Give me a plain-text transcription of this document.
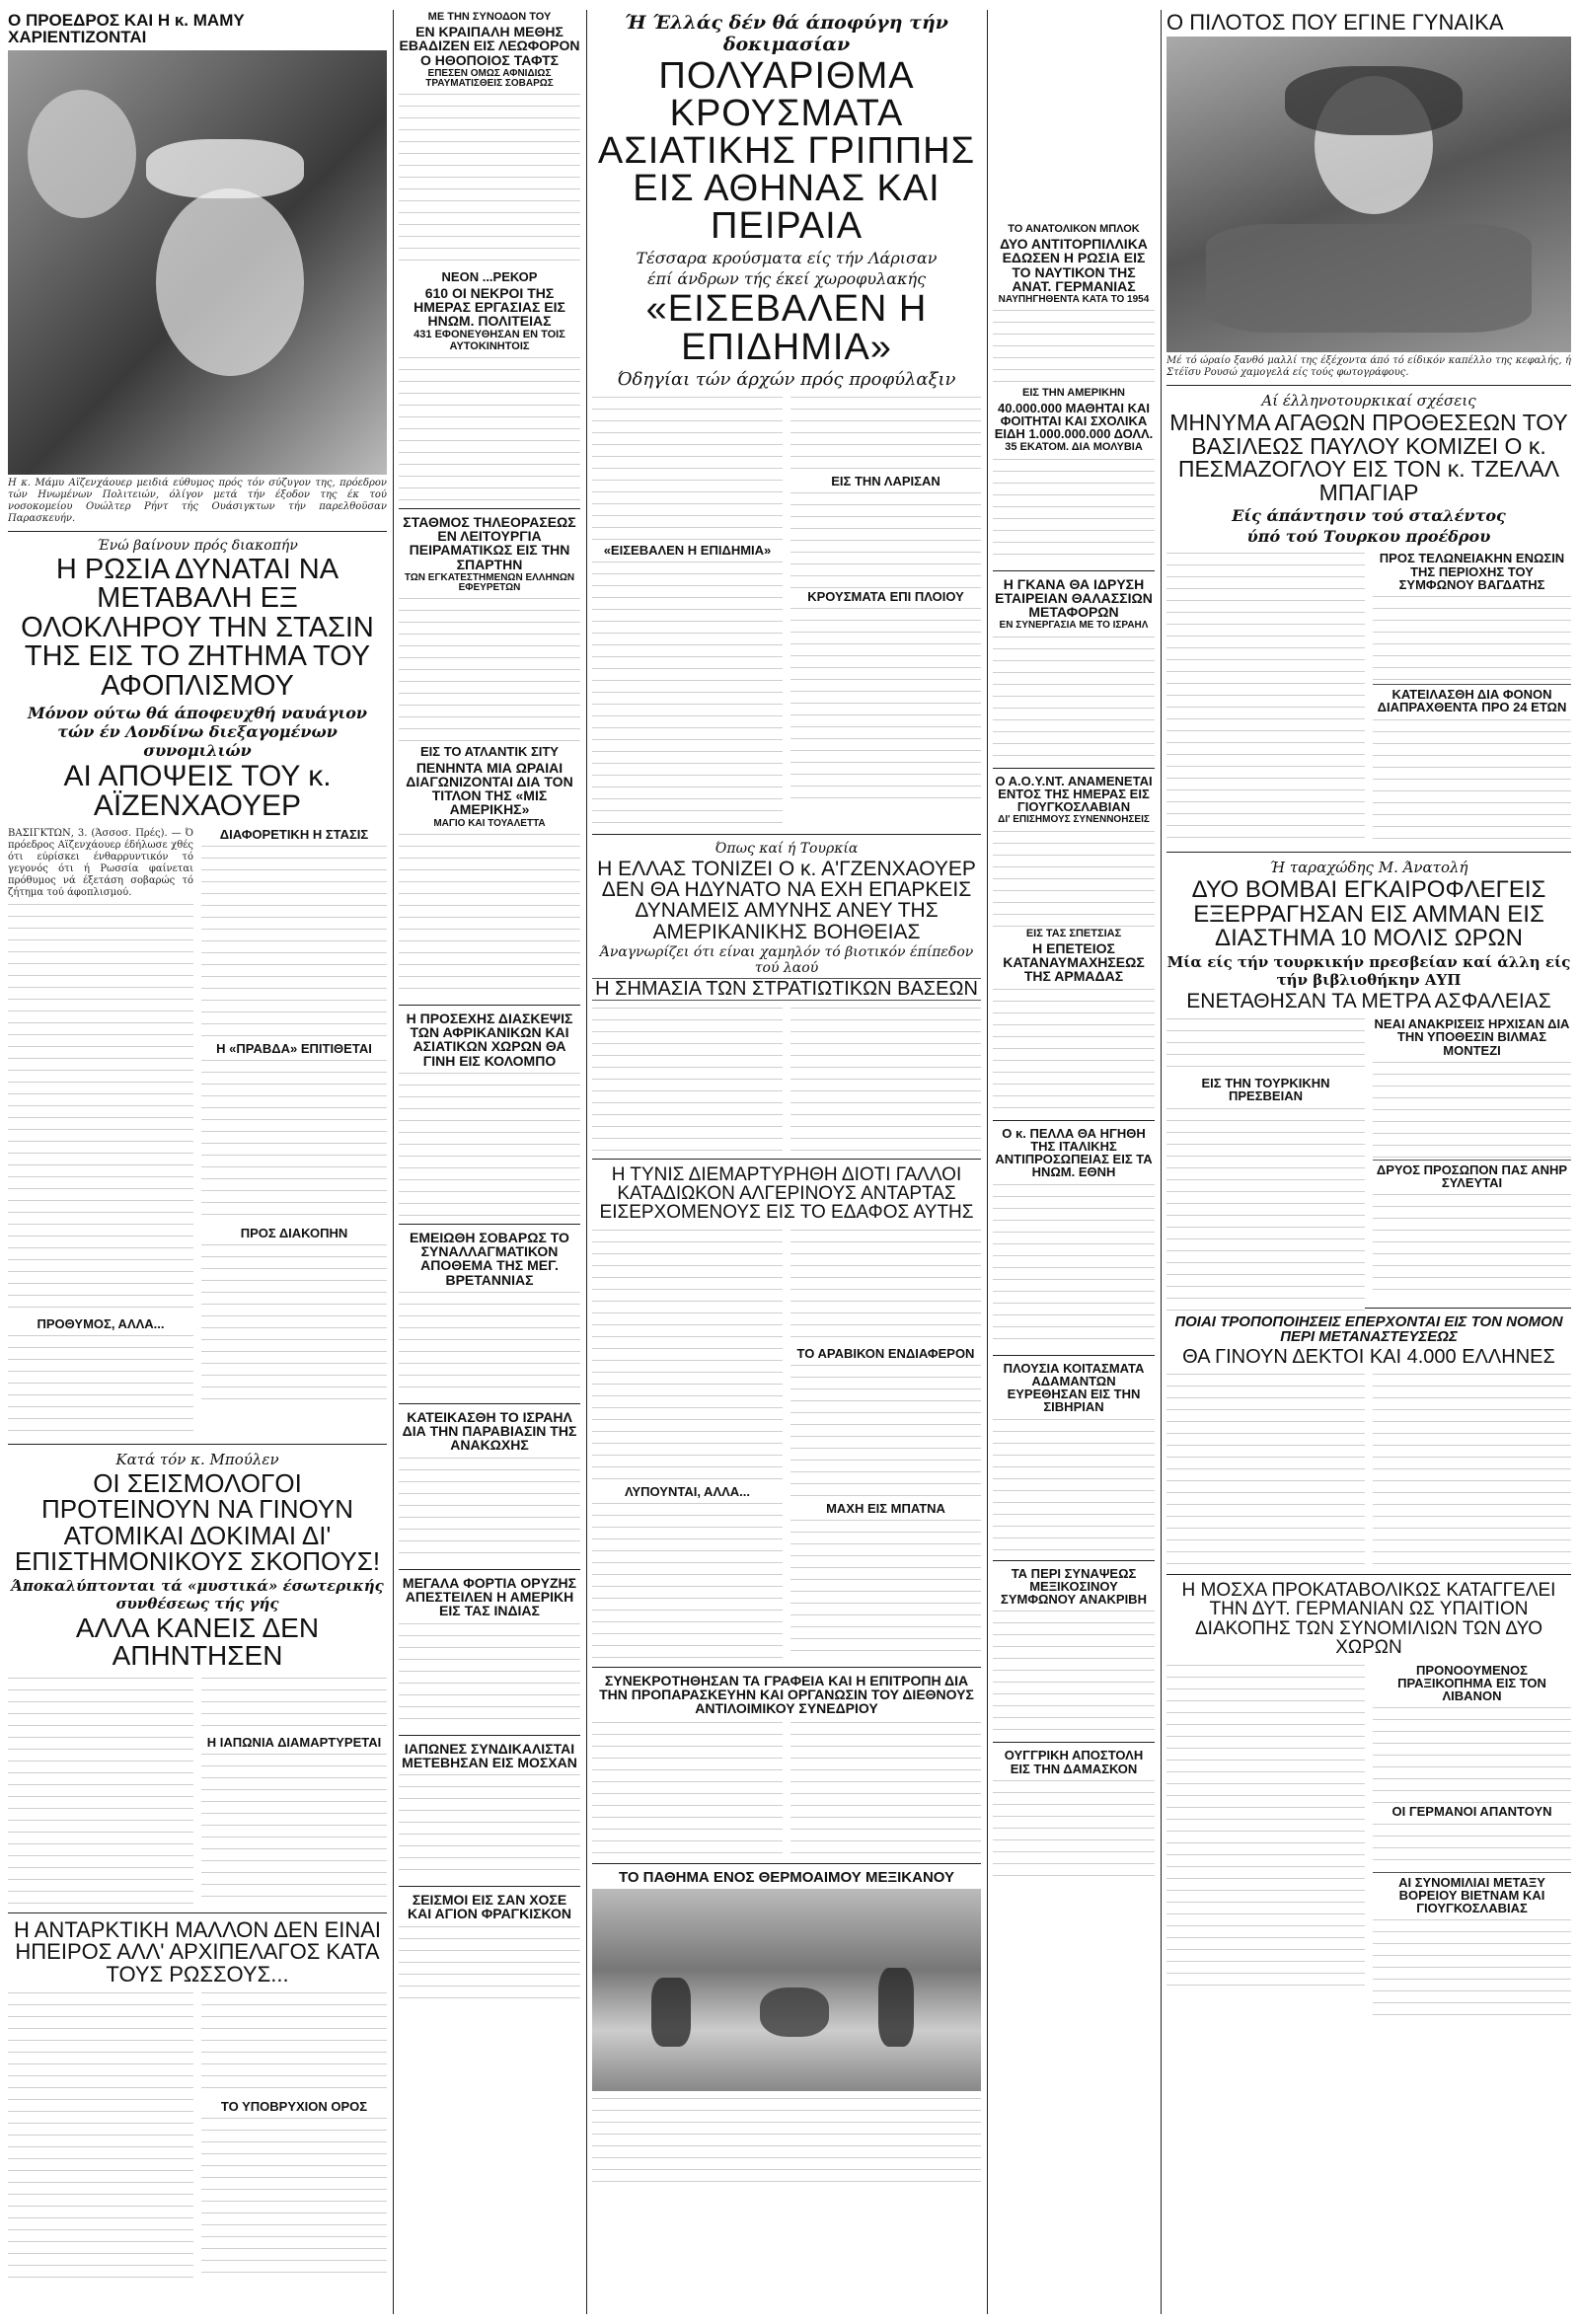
Ο ΠΡΟΕΔΡΟΣ ΚΑΙ Η κ. ΜΑΜΥ ΧΑΡΙΕΝΤΙΖΟΝΤΑΙ
Η κ. Μάμυ Αϊζενχάουερ μειδιά εύθυμος πρός τόν σύζυγον της, πρόεδρον τών Ηνωμένων Πολιτειών, όλίγον μετά τήν έξοδον της έκ τού νοσοκομείου Ουώλτερ Ρήντ τής Ουάσιγκτων τήν παρελθοϋσαν Παρασκευήν.
Ένώ βαίνουν πρός διακοπήν
Η ΡΩΣΙΑ ΔΥΝΑΤΑΙ ΝΑ ΜΕΤΑΒΑΛΗ ΕΞ ΟΛΟΚΛΗΡΟΥ ΤΗΝ ΣΤΑΣΙΝ ΤΗΣ ΕΙΣ ΤΟ ΖΗΤΗΜΑ ΤΟΥ ΑΦΟΠΛΙΣΜΟΥ
Μόνον ούτω θά άποφευχθή ναυάγιον τών έν Λονδίνω διεξαγομένων συνομιλιών
ΑΙ ΑΠΟΨΕΙΣ ΤΟΥ κ. ΑΪΖΕΝΧΑΟΥΕΡ
ΒΑΣΙΓΚΤΩΝ, 3. (Άσσοσ. Πρές). — Ό πρόεδρος Αϊζενχάουερ έδήλωσε χθές ότι εύρίσκει ένθαρρυντικόν τό γεγονός ότι ή Ρωσσία φαίνεται πρόθυμος νά έξετάση σοβαρώς τό ζήτημα τού άφοπλισμού.
ΠΡΟΘΥΜΟΣ, ΑΛΛΑ...
ΔΙΑΦΟΡΕΤΙΚΗ Η ΣΤΑΣΙΣ
Η «ΠΡΑΒΔΑ» ΕΠΙΤΙΘΕΤΑΙ
ΠΡΟΣ ΔΙΑΚΟΠΗΝ
Κατά τόν κ. Μπούλεν
ΟΙ ΣΕΙΣΜΟΛΟΓΟΙ ΠΡΟΤΕΙΝΟΥΝ ΝΑ ΓΙΝΟΥΝ ΑΤΟΜΙΚΑΙ ΔΟΚΙΜΑΙ ΔΙ' ΕΠΙΣΤΗΜΟΝΙΚΟΥΣ ΣΚΟΠΟΥΣ!
Άποκαλύπτονται τά «μυστικά» έσωτερικής συνθέσεως τής γής
ΑΛΛΑ ΚΑΝΕΙΣ ΔΕΝ ΑΠΗΝΤΗΣΕΝ
Η ΙΑΠΩΝΙΑ ΔΙΑΜΑΡΤΥΡΕΤΑΙ
Η ΑΝΤΑΡΚΤΙΚΗ ΜΑΛΛΟΝ ΔΕΝ ΕΙΝΑΙ ΗΠΕΙΡΟΣ ΑΛΛ' ΑΡΧΙΠΕΛΑΓΟΣ ΚΑΤΑ ΤΟΥΣ ΡΩΣΣΟΥΣ...
ΤΟ ΥΠΟΒΡΥΧΙΟΝ ΟΡΟΣ
ΜΕ ΤΗΝ ΣΥΝΟΔΟΝ ΤΟΥ
ΕΝ ΚΡΑΙΠΑΛΗ ΜΕΘΗΣ ΕΒΑΔΙΖΕΝ ΕΙΣ ΛΕΩΦΟΡΟΝ Ο ΗΘΟΠΟΙΟΣ ΤΑΦΤΣ
ΕΠΕΣΕΝ ΟΜΩΣ ΑΦΝΙΔΙΩΣ ΤΡΑΥΜΑΤΙΣΘΕΙΣ ΣΟΒΑΡΩΣ
ΝΕΟΝ ...ΡΕΚΟΡ
610 ΟΙ ΝΕΚΡΟΙ ΤΗΣ ΗΜΕΡΑΣ ΕΡΓΑΣΙΑΣ ΕΙΣ ΗΝΩΜ. ΠΟΛΙΤΕΙΑΣ
431 ΕΦΟΝΕΥΘΗΣΑΝ ΕΝ ΤΟΙΣ ΑΥΤΟΚΙΝΗΤΟΙΣ
ΣΤΑΘΜΟΣ ΤΗΛΕΟΡΑΣΕΩΣ ΕΝ ΛΕΙΤΟΥΡΓΙΑ ΠΕΙΡΑΜΑΤΙΚΩΣ ΕΙΣ ΤΗΝ ΣΠΑΡΤΗΝ
ΤΩΝ ΕΓΚΑΤΕΣΤΗΜΕΝΩΝ ΕΛΛΗΝΩΝ ΕΦΕΥΡΕΤΩΝ
ΕΙΣ ΤΟ ΑΤΛΑΝΤΙΚ ΣΙΤΥ
ΠΕΝΗΝΤΑ ΜΙΑ ΩΡΑΙΑΙ ΔΙΑΓΩΝΙΖΟΝΤΑΙ ΔΙΑ ΤΟΝ ΤΙΤΛΟΝ ΤΗΣ «ΜΙΣ ΑΜΕΡΙΚΗΣ»
ΜΑΓΙΟ ΚΑΙ ΤΟΥΑΛΕΤΤΑ
Η ΠΡΟΣΕΧΗΣ ΔΙΑΣΚΕΨΙΣ ΤΩΝ ΑΦΡΙΚΑΝΙΚΩΝ ΚΑΙ ΑΣΙΑΤΙΚΩΝ ΧΩΡΩΝ ΘΑ ΓΙΝΗ ΕΙΣ ΚΟΛΟΜΠΟ
ΕΜΕΙΩΘΗ ΣΟΒΑΡΩΣ ΤΟ ΣΥΝΑΛΛΑΓΜΑΤΙΚΟΝ ΑΠΟΘΕΜΑ ΤΗΣ ΜΕΓ. ΒΡΕΤΑΝΝΙΑΣ
ΚΑΤΕΙΚΑΣΘΗ ΤΟ ΙΣΡΑΗΛ ΔΙΑ ΤΗΝ ΠΑΡΑΒΙΑΣΙΝ ΤΗΣ ΑΝΑΚΩΧΗΣ
ΜΕΓΑΛΑ ΦΟΡΤΙΑ ΟΡΥΖΗΣ ΑΠΕΣΤΕΙΛΕΝ Η ΑΜΕΡΙΚΗ ΕΙΣ ΤΑΣ ΙΝΔΙΑΣ
ΙΑΠΩΝΕΣ ΣΥΝΔΙΚΑΛΙΣΤΑΙ ΜΕΤΕΒΗΣΑΝ ΕΙΣ ΜΟΣΧΑΝ
ΣΕΙΣΜΟΙ ΕΙΣ ΣΑΝ ΧΟΣΕ ΚΑΙ ΑΓΙΟΝ ΦΡΑΓΚΙΣΚΟΝ
Ή Έλλάς δέν θά άποφύγη τήν δοκιμασίαν
ΠΟΛΥΑΡΙΘΜΑ ΚΡΟΥΣΜΑΤΑ ΑΣΙΑΤΙΚΗΣ ΓΡΙΠΠΗΣ ΕΙΣ ΑΘΗΝΑΣ ΚΑΙ ΠΕΙΡΑΙΑ
Τέσσαρα κρούσματα είς τήν Λάρισαν
έπί άνδρων τής έκεί χωροφυλακής
«ΕΙΣΕΒΑΛΕΝ Η ΕΠΙΔΗΜΙΑ»
Όδηγίαι τών άρχών πρός προφύλαξιν
«ΕΙΣΕΒΑΛΕΝ Η ΕΠΙΔΗΜΙΑ»
ΕΙΣ ΤΗΝ ΛΑΡΙΣΑΝ
ΚΡΟΥΣΜΑΤΑ ΕΠΙ ΠΛΟΙΟΥ
Όπως καί ή Τουρκία
Η ΕΛΛΑΣ ΤΟΝΙΖΕΙ Ο κ. Α'ΓΖΕΝΧΑΟΥΕΡ ΔΕΝ ΘΑ ΗΔΥΝΑΤΟ ΝΑ ΕΧΗ ΕΠΑΡΚΕΙΣ ΔΥΝΑΜΕΙΣ ΑΜΥΝΗΣ ΑΝΕΥ ΤΗΣ ΑΜΕΡΙΚΑΝΙΚΗΣ ΒΟΗΘΕΙΑΣ
Άναγνωρίζει ότι είναι χαμηλόν τό βιοτικόν έπίπεδον τού λαού
Η ΣΗΜΑΣΙΑ ΤΩΝ ΣΤΡΑΤΙΩΤΙΚΩΝ ΒΑΣΕΩΝ
Η ΤΥΝΙΣ ΔΙΕΜΑΡΤΥΡΗΘΗ ΔΙΟΤΙ ΓΑΛΛΟΙ ΚΑΤΑΔΙΩΚΟΝ ΑΛΓΕΡΙΝΟΥΣ ΑΝΤΑΡΤΑΣ ΕΙΣΕΡΧΟΜΕΝΟΥΣ ΕΙΣ ΤΟ ΕΔΑΦΟΣ ΑΥΤΗΣ
ΛΥΠΟΥΝΤΑΙ, ΑΛΛΑ...
ΤΟ ΑΡΑΒΙΚΟΝ ΕΝΔΙΑΦΕΡΟΝ
ΜΑΧΗ ΕΙΣ ΜΠΑΤΝΑ
ΣΥΝΕΚΡΟΤΗΘΗΣΑΝ ΤΑ ΓΡΑΦΕΙΑ ΚΑΙ Η ΕΠΙΤΡΟΠΗ ΔΙΑ ΤΗΝ ΠΡΟΠΑΡΑΣΚΕΥΗΝ ΚΑΙ ΟΡΓΑΝΩΣΙΝ ΤΟΥ ΔΙΕΘΝΟΥΣ ΑΝΤΙΛΟΙΜΙΚΟΥ ΣΥΝΕΔΡΙΟΥ
ΤΟ ΠΑΘΗΜΑ ΕΝΟΣ ΘΕΡΜΟΑΙΜΟΥ ΜΕΞΙΚΑΝΟΥ
ΤΟ ΑΝΑΤΟΛΙΚΟΝ ΜΠΛΟΚ
ΔΥΟ ΑΝΤΙΤΟΡΠΙΛΛΙΚΑ ΕΔΩΣΕΝ Η ΡΩΣΙΑ ΕΙΣ ΤΟ ΝΑΥΤΙΚΟΝ ΤΗΣ ΑΝΑΤ. ΓΕΡΜΑΝΙΑΣ
ΝΑΥΠΗΓΗΘΕΝΤΑ ΚΑΤΑ ΤΟ 1954
ΕΙΣ ΤΗΝ ΑΜΕΡΙΚΗΝ
40.000.000 ΜΑΘΗΤΑΙ ΚΑΙ ΦΟΙΤΗΤΑΙ ΚΑΙ ΣΧΟΛΙΚΑ ΕΙΔΗ 1.000.000.000 ΔΟΛΛ.
35 ΕΚΑΤΟΜ. ΔΙΑ ΜΟΛΥΒΙΑ
Η ΓΚΑΝΑ ΘΑ ΙΔΡΥΣΗ ΕΤΑΙΡΕΙΑΝ ΘΑΛΑΣΣΙΩΝ ΜΕΤΑΦΟΡΩΝ
ΕΝ ΣΥΝΕΡΓΑΣΙΑ ΜΕ ΤΟ ΙΣΡΑΗΛ
Ο Α.Ο.Υ.ΝΤ. ΑΝΑΜΕΝΕΤΑΙ ΕΝΤΟΣ ΤΗΣ ΗΜΕΡΑΣ ΕΙΣ ΓΙΟΥΓΚΟΣΛΑΒΙΑΝ
ΔΙ' ΕΠΙΣΗΜΟΥΣ ΣΥΝΕΝΝΟΗΣΕΙΣ
ΕΙΣ ΤΑΣ ΣΠΕΤΣΙΑΣ
Η ΕΠΕΤΕΙΟΣ ΚΑΤΑΝΑΥΜΑΧΗΣΕΩΣ ΤΗΣ ΑΡΜΑΔΑΣ
Ο κ. ΠΕΛΛΑ ΘΑ ΗΓΗΘΗ ΤΗΣ ΙΤΑΛΙΚΗΣ ΑΝΤΙΠΡΟΣΩΠΕΙΑΣ ΕΙΣ ΤΑ ΗΝΩΜ. ΕΘΝΗ
ΠΛΟΥΣΙΑ ΚΟΙΤΑΣΜΑΤΑ ΑΔΑΜΑΝΤΩΝ ΕΥΡΕΘΗΣΑΝ ΕΙΣ ΤΗΝ ΣΙΒΗΡΙΑΝ
ΤΑ ΠΕΡΙ ΣΥΝΑΨΕΩΣ ΜΕΞΙΚΟΣΙΝΟΥ ΣΥΜΦΩΝΟΥ ΑΝΑΚΡΙΒΗ
ΟΥΓΓΡΙΚΗ ΑΠΟΣΤΟΛΗ ΕΙΣ ΤΗΝ ΔΑΜΑΣΚΟΝ
Ο ΠΙΛΟΤΟΣ ΠΟΥ ΕΓΙΝΕ ΓΥΝΑΙΚΑ
Μέ τό ώραίο ξανθό μαλλί της έξέχοντα άπό τό είδικόν καπέλλο της κεφαλής, ή Στέϊσυ Ρουσώ χαμογελά είς τούς φωτογράφους.
Αί έλληνοτουρκικαί σχέσεις
ΜΗΝΥΜΑ ΑΓΑΘΩΝ ΠΡΟΘΕΣΕΩΝ ΤΟΥ ΒΑΣΙΛΕΩΣ ΠΑΥΛΟΥ ΚΟΜΙΖΕΙ Ο κ. ΠΕΣΜΑΖΟΓΛΟΥ ΕΙΣ ΤΟΝ κ. ΤΖΕΛΑΛ ΜΠΑΓΙΑΡ
Είς άπάντησιν τού σταλέντος
ύπό τού Τουρκου προέδρου
ΠΡΟΣ ΤΕΛΩΝΕΙΑΚΗΝ ΕΝΩΣΙΝ ΤΗΣ ΠΕΡΙΟΧΗΣ ΤΟΥ ΣΥΜΦΩΝΟΥ ΒΑΓΔΑΤΗΣ
ΚΑΤΕΙΛΑΣΘΗ ΔΙΑ ΦΟΝΟΝ ΔΙΑΠΡΑΧΘΕΝΤΑ ΠΡΟ 24 ΕΤΩΝ
Ή ταραχώδης Μ. Άνατολή
ΔΥΟ ΒΟΜΒΑΙ ΕΓΚΑΙΡΟΦΛΕΓΕΙΣ ΕΞΕΡΡΑΓΗΣΑΝ ΕΙΣ ΑΜΜΑΝ ΕΙΣ ΔΙΑΣΤΗΜΑ 10 ΜΟΛΙΣ ΩΡΩΝ
Μία είς τήν τουρκικήν πρεσβείαν καί άλλη είς τήν βιβλιοθήκην ΑΥΠ
ΕΝΕΤΑΘΗΣΑΝ ΤΑ ΜΕΤΡΑ ΑΣΦΑΛΕΙΑΣ
ΕΙΣ ΤΗΝ ΤΟΥΡΚΙΚΗΝ ΠΡΕΣΒΕΙΑΝ
ΝΕΑΙ ΑΝΑΚΡΙΣΕΙΣ ΗΡΧΙΣΑΝ ΔΙΑ ΤΗΝ ΥΠΟΘΕΣΙΝ ΒΙΛΜΑΣ ΜΟΝΤΕΖΙ
ΔΡΥΟΣ ΠΡΟΣΩΠΟΝ ΠΑΣ ΑΝΗΡ ΣΥΛΕΥΤΑΙ
ΠΟΙΑΙ ΤΡΟΠΟΠΟΙΗΣΕΙΣ ΕΠΕΡΧΟΝΤΑΙ ΕΙΣ ΤΟΝ ΝΟΜΟΝ ΠΕΡΙ ΜΕΤΑΝΑΣΤΕΥΣΕΩΣ
ΘΑ ΓΙΝΟΥΝ ΔΕΚΤΟΙ ΚΑΙ 4.000 ΕΛΛΗΝΕΣ
Η ΜΟΣΧΑ ΠΡΟΚΑΤΑΒΟΛΙΚΩΣ ΚΑΤΑΓΓΕΛΕΙ ΤΗΝ ΔΥΤ. ΓΕΡΜΑΝΙΑΝ ΩΣ ΥΠΑΙΤΙΟΝ ΔΙΑΚΟΠΗΣ ΤΩΝ ΣΥΝΟΜΙΛΙΩΝ ΤΩΝ ΔΥΟ ΧΩΡΩΝ
ΠΡΟΝΟΟΥΜΕΝΟΣ ΠΡΑΞΙΚΟΠΗΜΑ ΕΙΣ ΤΟΝ ΛΙΒΑΝΟΝ
ΟΙ ΓΕΡΜΑΝΟΙ ΑΠΑΝΤΟΥΝ
ΑΙ ΣΥΝΟΜΙΛΙΑΙ ΜΕΤΑΞΥ ΒΟΡΕΙΟΥ ΒΙΕΤΝΑΜ ΚΑΙ ΓΙΟΥΓΚΟΣΛΑΒΙΑΣ
